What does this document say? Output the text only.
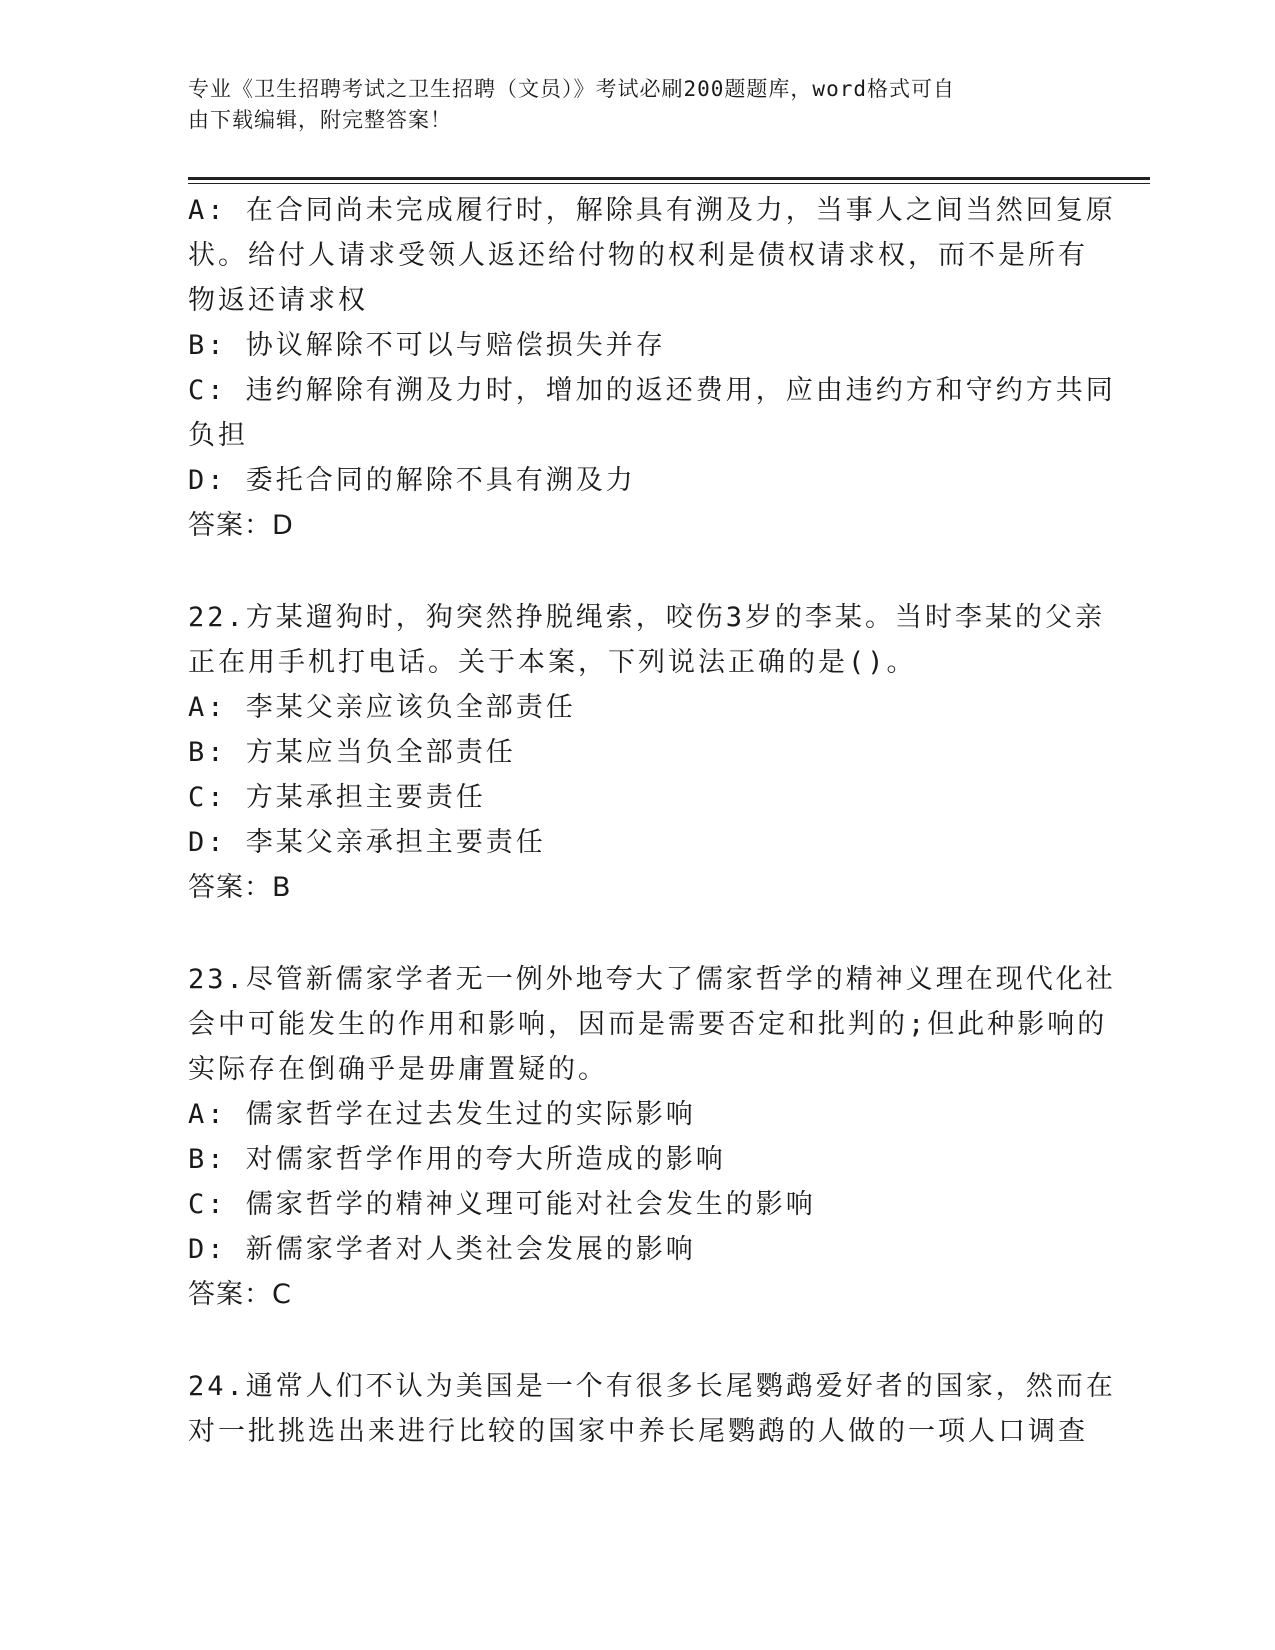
专业《卫生招聘考试之卫生招聘（文员）》考试必刷200题题库，word格式可自
由下载编辑，附完整答案！
A: 在合同尚未完成履行时，解除具有溯及力，当事人之间当然回复原
状。给付人请求受领人返还给付物的权利是债权请求权，而不是所有
物返还请求权
B: 协议解除不可以与赔偿损失并存
C: 违约解除有溯及力时，增加的返还费用，应由违约方和守约方共同
负担
D: 委托合同的解除不具有溯及力
答案：D
22.方某遛狗时，狗突然挣脱绳索，咬伤3岁的李某。当时李某的父亲
正在用手机打电话。关于本案，下列说法正确的是()。
A: 李某父亲应该负全部责任
B: 方某应当负全部责任
C: 方某承担主要责任
D: 李某父亲承担主要责任
答案：B
23.尽管新儒家学者无一例外地夸大了儒家哲学的精神义理在现代化社
会中可能发生的作用和影响，因而是需要否定和批判的;但此种影响的
实际存在倒确乎是毋庸置疑的。
A: 儒家哲学在过去发生过的实际影响
B: 对儒家哲学作用的夸大所造成的影响
C: 儒家哲学的精神义理可能对社会发生的影响
D: 新儒家学者对人类社会发展的影响
答案：C
24.通常人们不认为美国是一个有很多长尾鹦鹉爱好者的国家，然而在
对一批挑选出来进行比较的国家中养长尾鹦鹉的人做的一项人口调查
